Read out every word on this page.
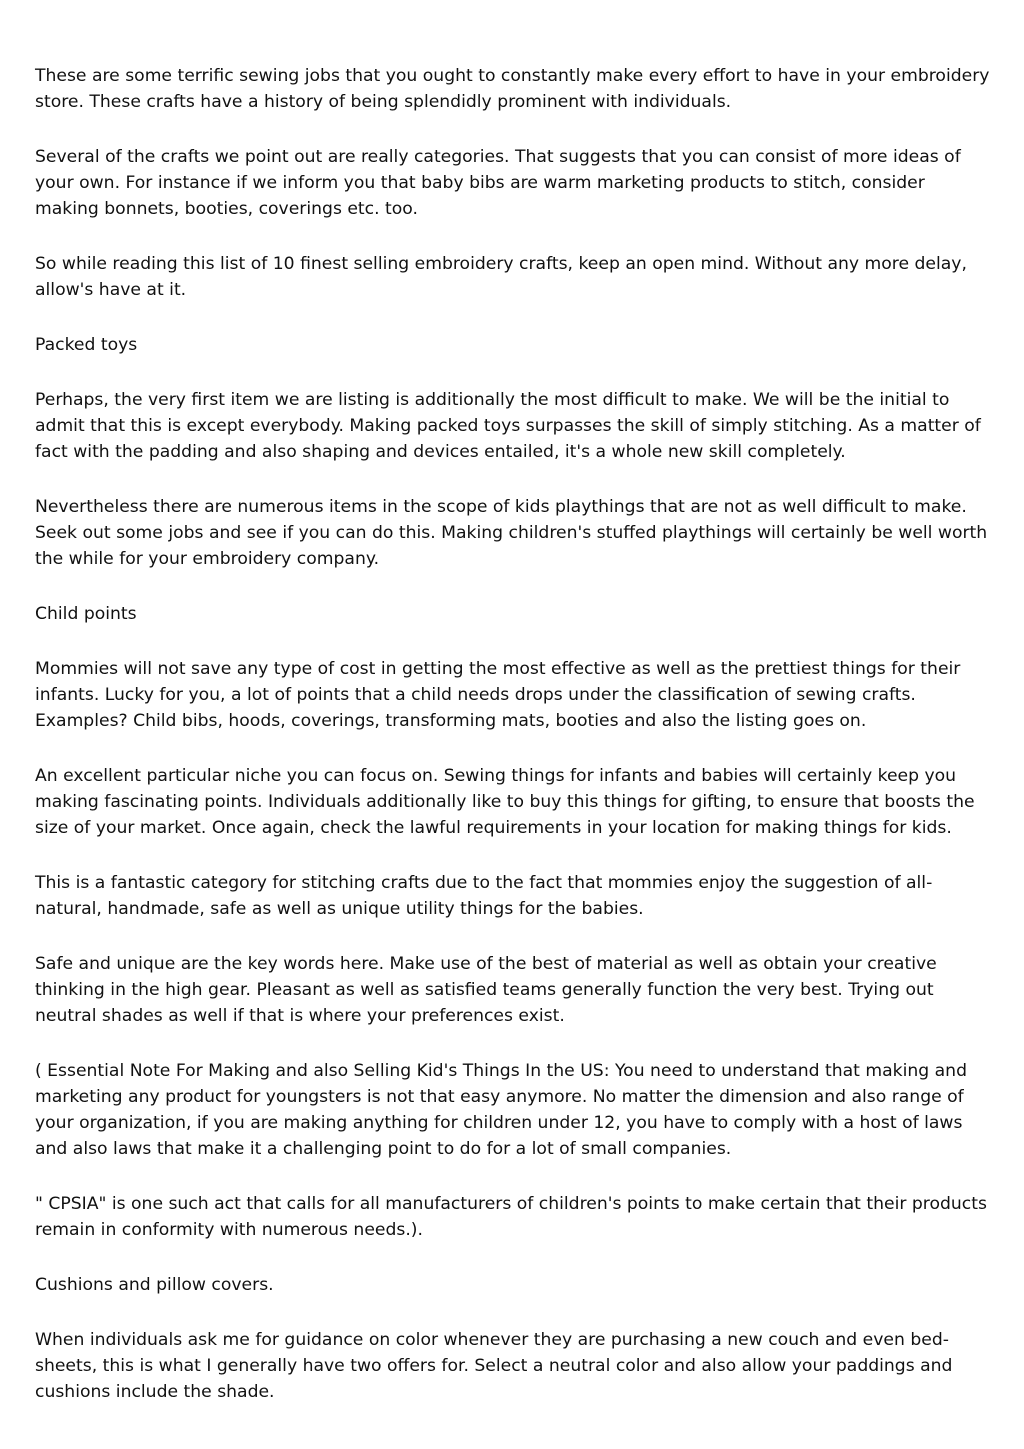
These are some terrific sewing jobs that you ought to constantly make every effort to have in your embroidery store. These crafts have a history of being splendidly prominent with individuals.

Several of the crafts we point out are really categories. That suggests that you can consist of more ideas of your own. For instance if we inform you that baby bibs are warm marketing products to stitch, consider making bonnets, booties, coverings etc. too.

So while reading this list of 10 finest selling embroidery crafts, keep an open mind. Without any more delay, allow's have at it.

Packed toys

Perhaps, the very first item we are listing is additionally the most difficult to make. We will be the initial to admit that this is except everybody. Making packed toys surpasses the skill of simply stitching. As a matter of fact with the padding and also shaping and devices entailed, it's a whole new skill completely.

Nevertheless there are numerous items in the scope of kids playthings that are not as well difficult to make. Seek out some jobs and see if you can do this. Making children's stuffed playthings will certainly be well worth the while for your embroidery company.

Child points

Mommies will not save any type of cost in getting the most effective as well as the prettiest things for their infants. Lucky for you, a lot of points that a child needs drops under the classification of sewing crafts. Examples? Child bibs, hoods, coverings, transforming mats, booties and also the listing goes on.

An excellent particular niche you can focus on. Sewing things for infants and babies will certainly keep you making fascinating points. Individuals additionally like to buy this things for gifting, to ensure that boosts the size of your market. Once again, check the lawful requirements in your location for making things for kids.

This is a fantastic category for stitching crafts due to the fact that mommies enjoy the suggestion of all-natural, handmade, safe as well as unique utility things for the babies.

Safe and unique are the key words here. Make use of the best of material as well as obtain your creative thinking in the high gear. Pleasant as well as satisfied teams generally function the very best. Trying out neutral shades as well if that is where your preferences exist.

( Essential Note For Making and also Selling Kid's Things In the US: You need to understand that making and marketing any product for youngsters is not that easy anymore. No matter the dimension and also range of your organization, if you are making anything for children under 12, you have to comply with a host of laws and also laws that make it a challenging point to do for a lot of small companies.

" CPSIA" is one such act that calls for all manufacturers of children's points to make certain that their products remain in conformity with numerous needs.).

Cushions and pillow covers.

When individuals ask me for guidance on color whenever they are purchasing a new couch and even bed-sheets, this is what I generally have two offers for. Select a neutral color and also allow your paddings and cushions include the shade.
